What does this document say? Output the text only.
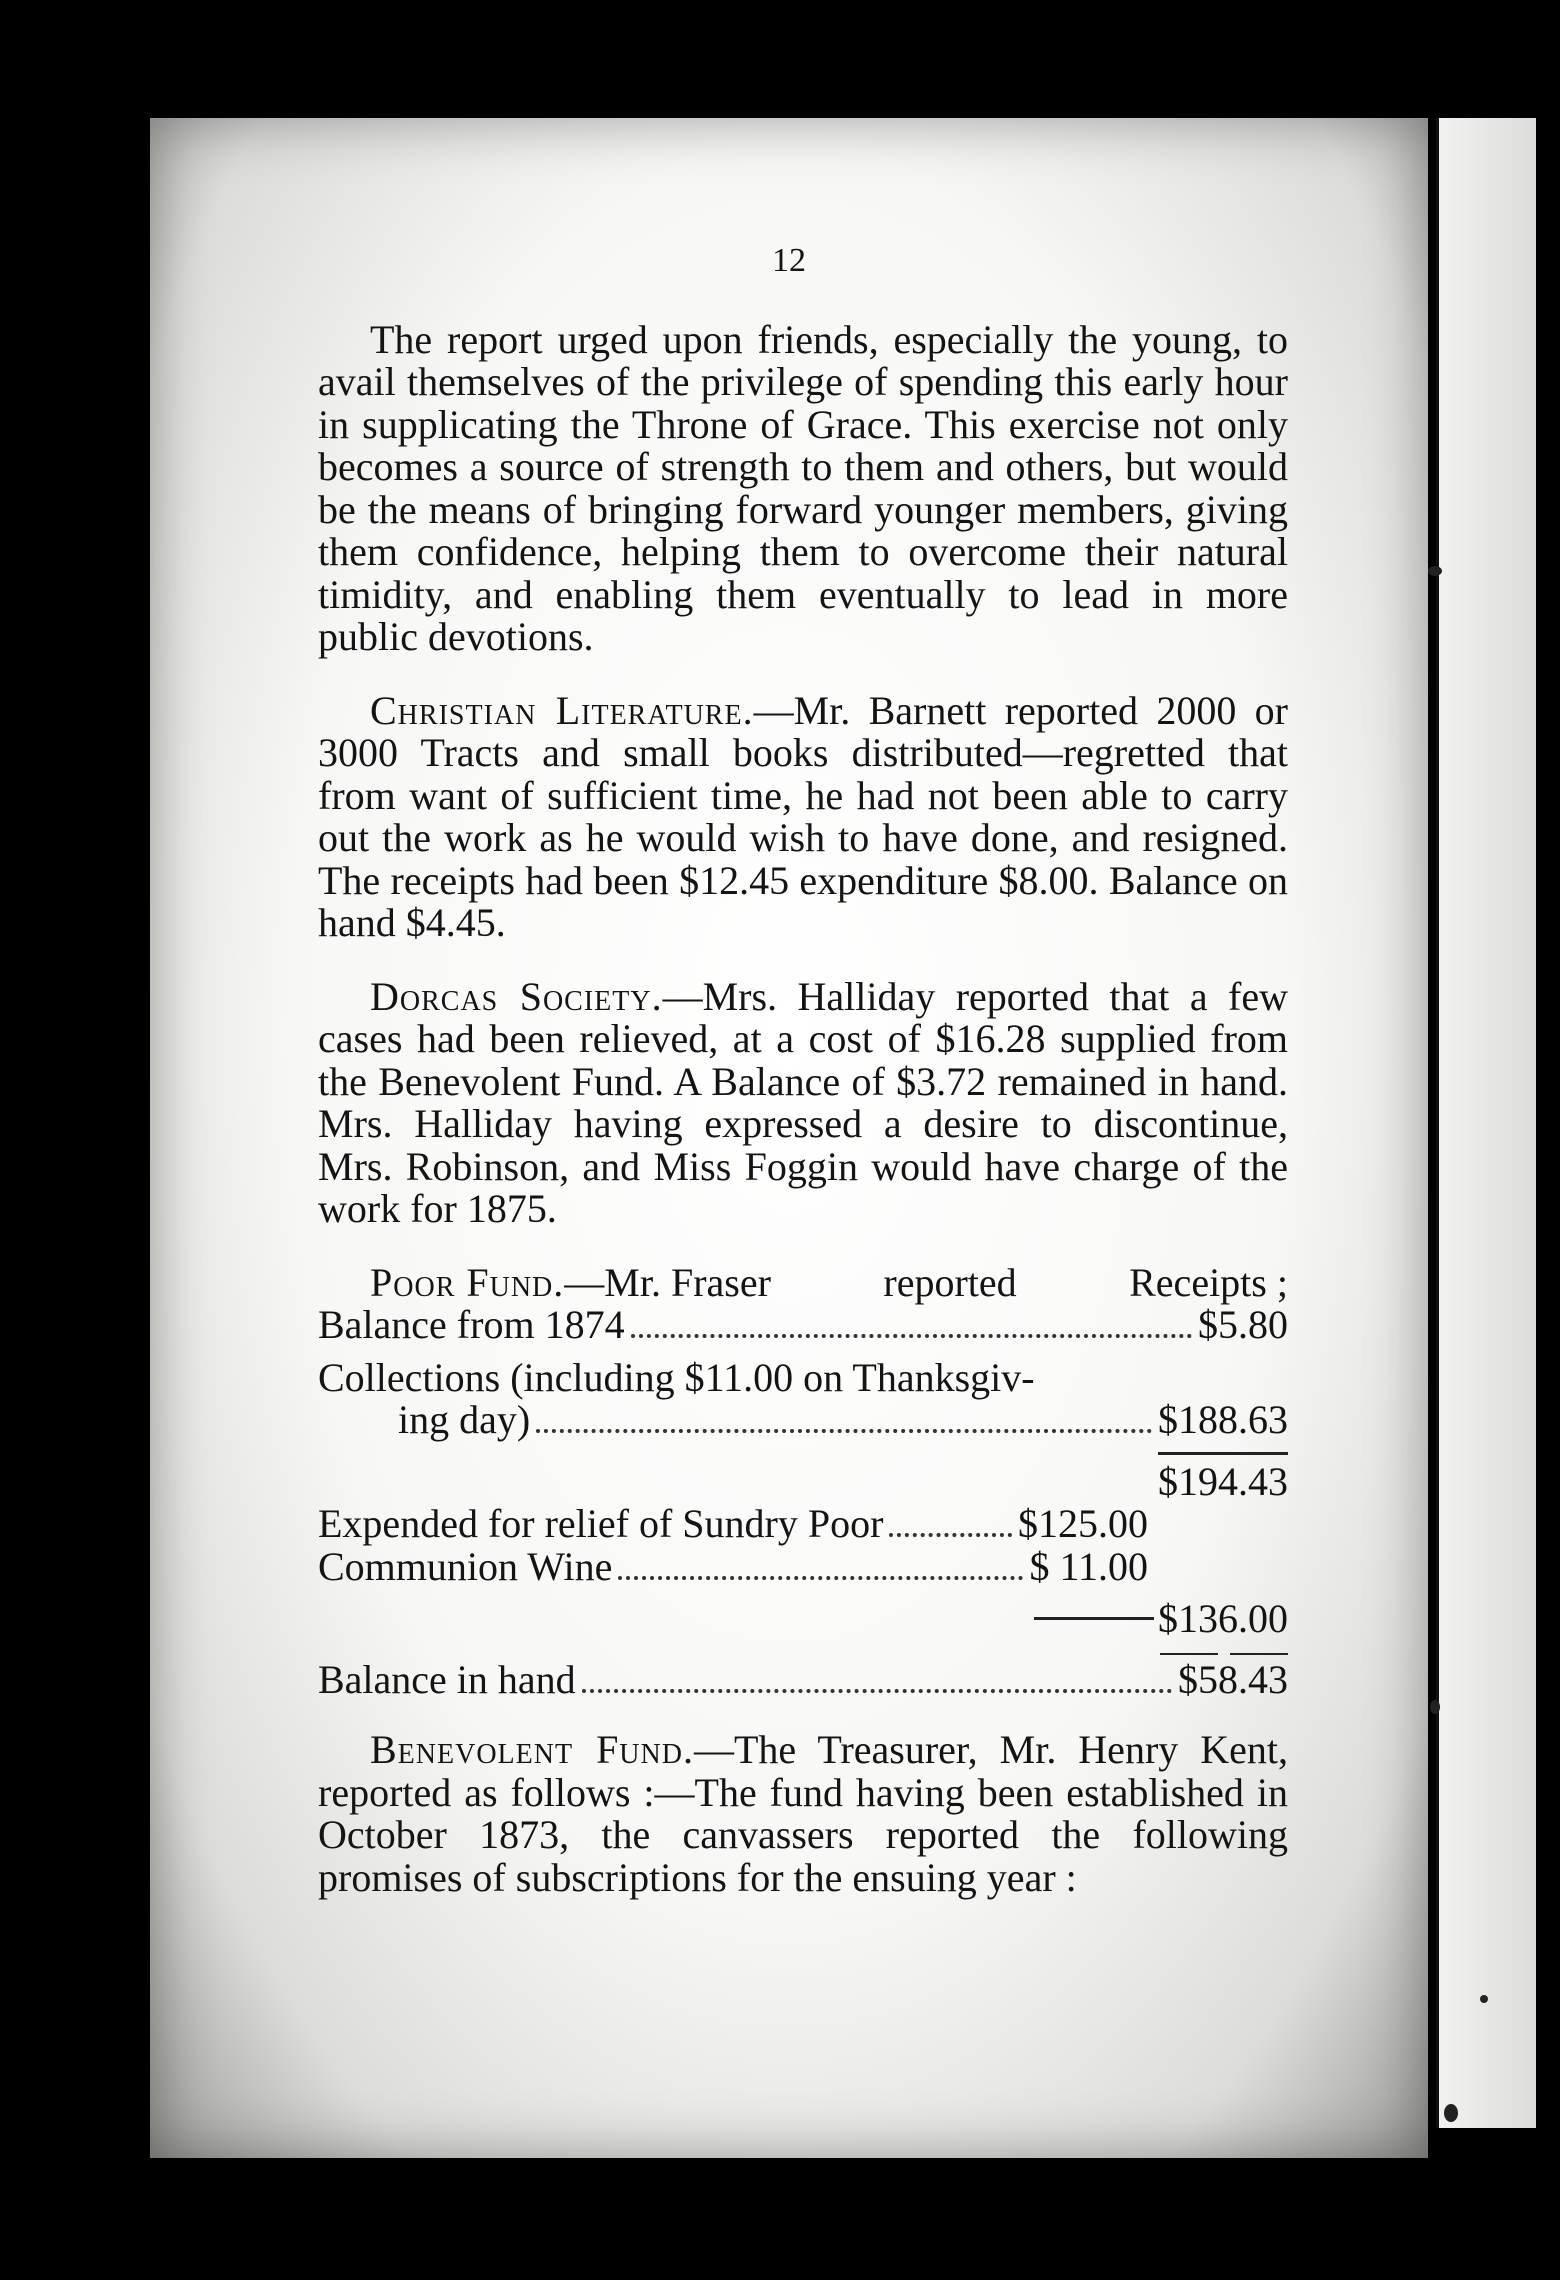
12

The report urged upon friends, especially the young, to avail themselves of the privilege of spending this early hour in supplicating the Throne of Grace. This exercise not only becomes a source of strength to them and others, but would be the means of bringing forward younger members, giving them confidence, helping them to overcome their natural timidity, and enabling them eventually to lead in more public devotions.

Christian Literature.—Mr. Barnett reported 2000 or 3000 Tracts and small books distributed—regretted that from want of sufficient time, he had not been able to carry out the work as he would wish to have done, and resigned. The receipts had been $12.45 expenditure $8.00. Balance on hand $4.45.

Dorcas Society.—Mrs. Halliday reported that a few cases had been relieved, at a cost of $16.28 supplied from the Benevolent Fund. A Balance of $3.72 remained in hand. Mrs. Halliday having expressed a desire to discontinue, Mrs. Robinson, and Miss Foggin would have charge of the work for 1875.

Poor Fund.—Mr. Fraser	reported	Receipts ;
Balance from 1874	$5.80
Collections (including $11.00 on Thanksgiv-
ing day)	$188.63
$194.43
Expended for relief of Sundry Poor	$125.00
Communion Wine	$ 11.00
$136.00
Balance in hand	$58.43

Benevolent Fund.—The Treasurer, Mr. Henry Kent, reported as follows :—The fund having been established in October 1873, the canvassers reported the following promises of subscriptions for the ensuing year :
